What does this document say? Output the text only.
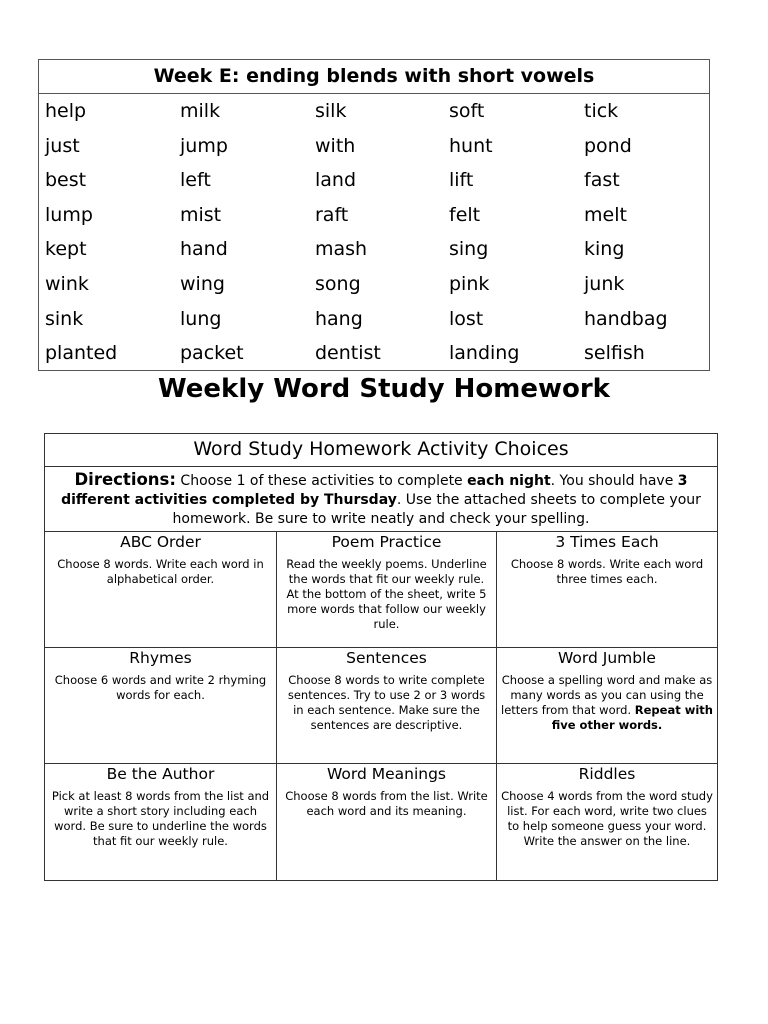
Week E: ending blends with short vowels
help	milk	silk	soft	tick
just	jump	with	hunt	pond
best	left	land	lift	fast
lump	mist	raft	felt	melt
kept	hand	mash	sing	king
wink	wing	song	pink	junk
sink	lung	hang	lost	handbag
planted	packet	dentist	landing	selfish
Weekly Word Study Homework
Word Study Homework Activity Choices
Directions: Choose 1 of these activities to complete each night. You should have 3 different activities completed by Thursday. Use the attached sheets to complete your homework. Be sure to write neatly and check your spelling.
ABC Order
Choose 8 words. Write each word in alphabetical order.
Poem Practice
Read the weekly poems. Underline the words that fit our weekly rule. At the bottom of the sheet, write 5 more words that follow our weekly rule.
3 Times Each
Choose 8 words. Write each word three times each.
Rhymes
Choose 6 words and write 2 rhyming words for each.
Sentences
Choose 8 words to write complete sentences. Try to use 2 or 3 words in each sentence. Make sure the sentences are descriptive.
Word Jumble
Choose a spelling word and make as many words as you can using the letters from that word. Repeat with five other words.
Be the Author
Pick at least 8 words from the list and write a short story including each word. Be sure to underline the words that fit our weekly rule.
Word Meanings
Choose 8 words from the list. Write each word and its meaning.
Riddles
Choose 4 words from the word study list. For each word, write two clues to help someone guess your word. Write the answer on the line.
